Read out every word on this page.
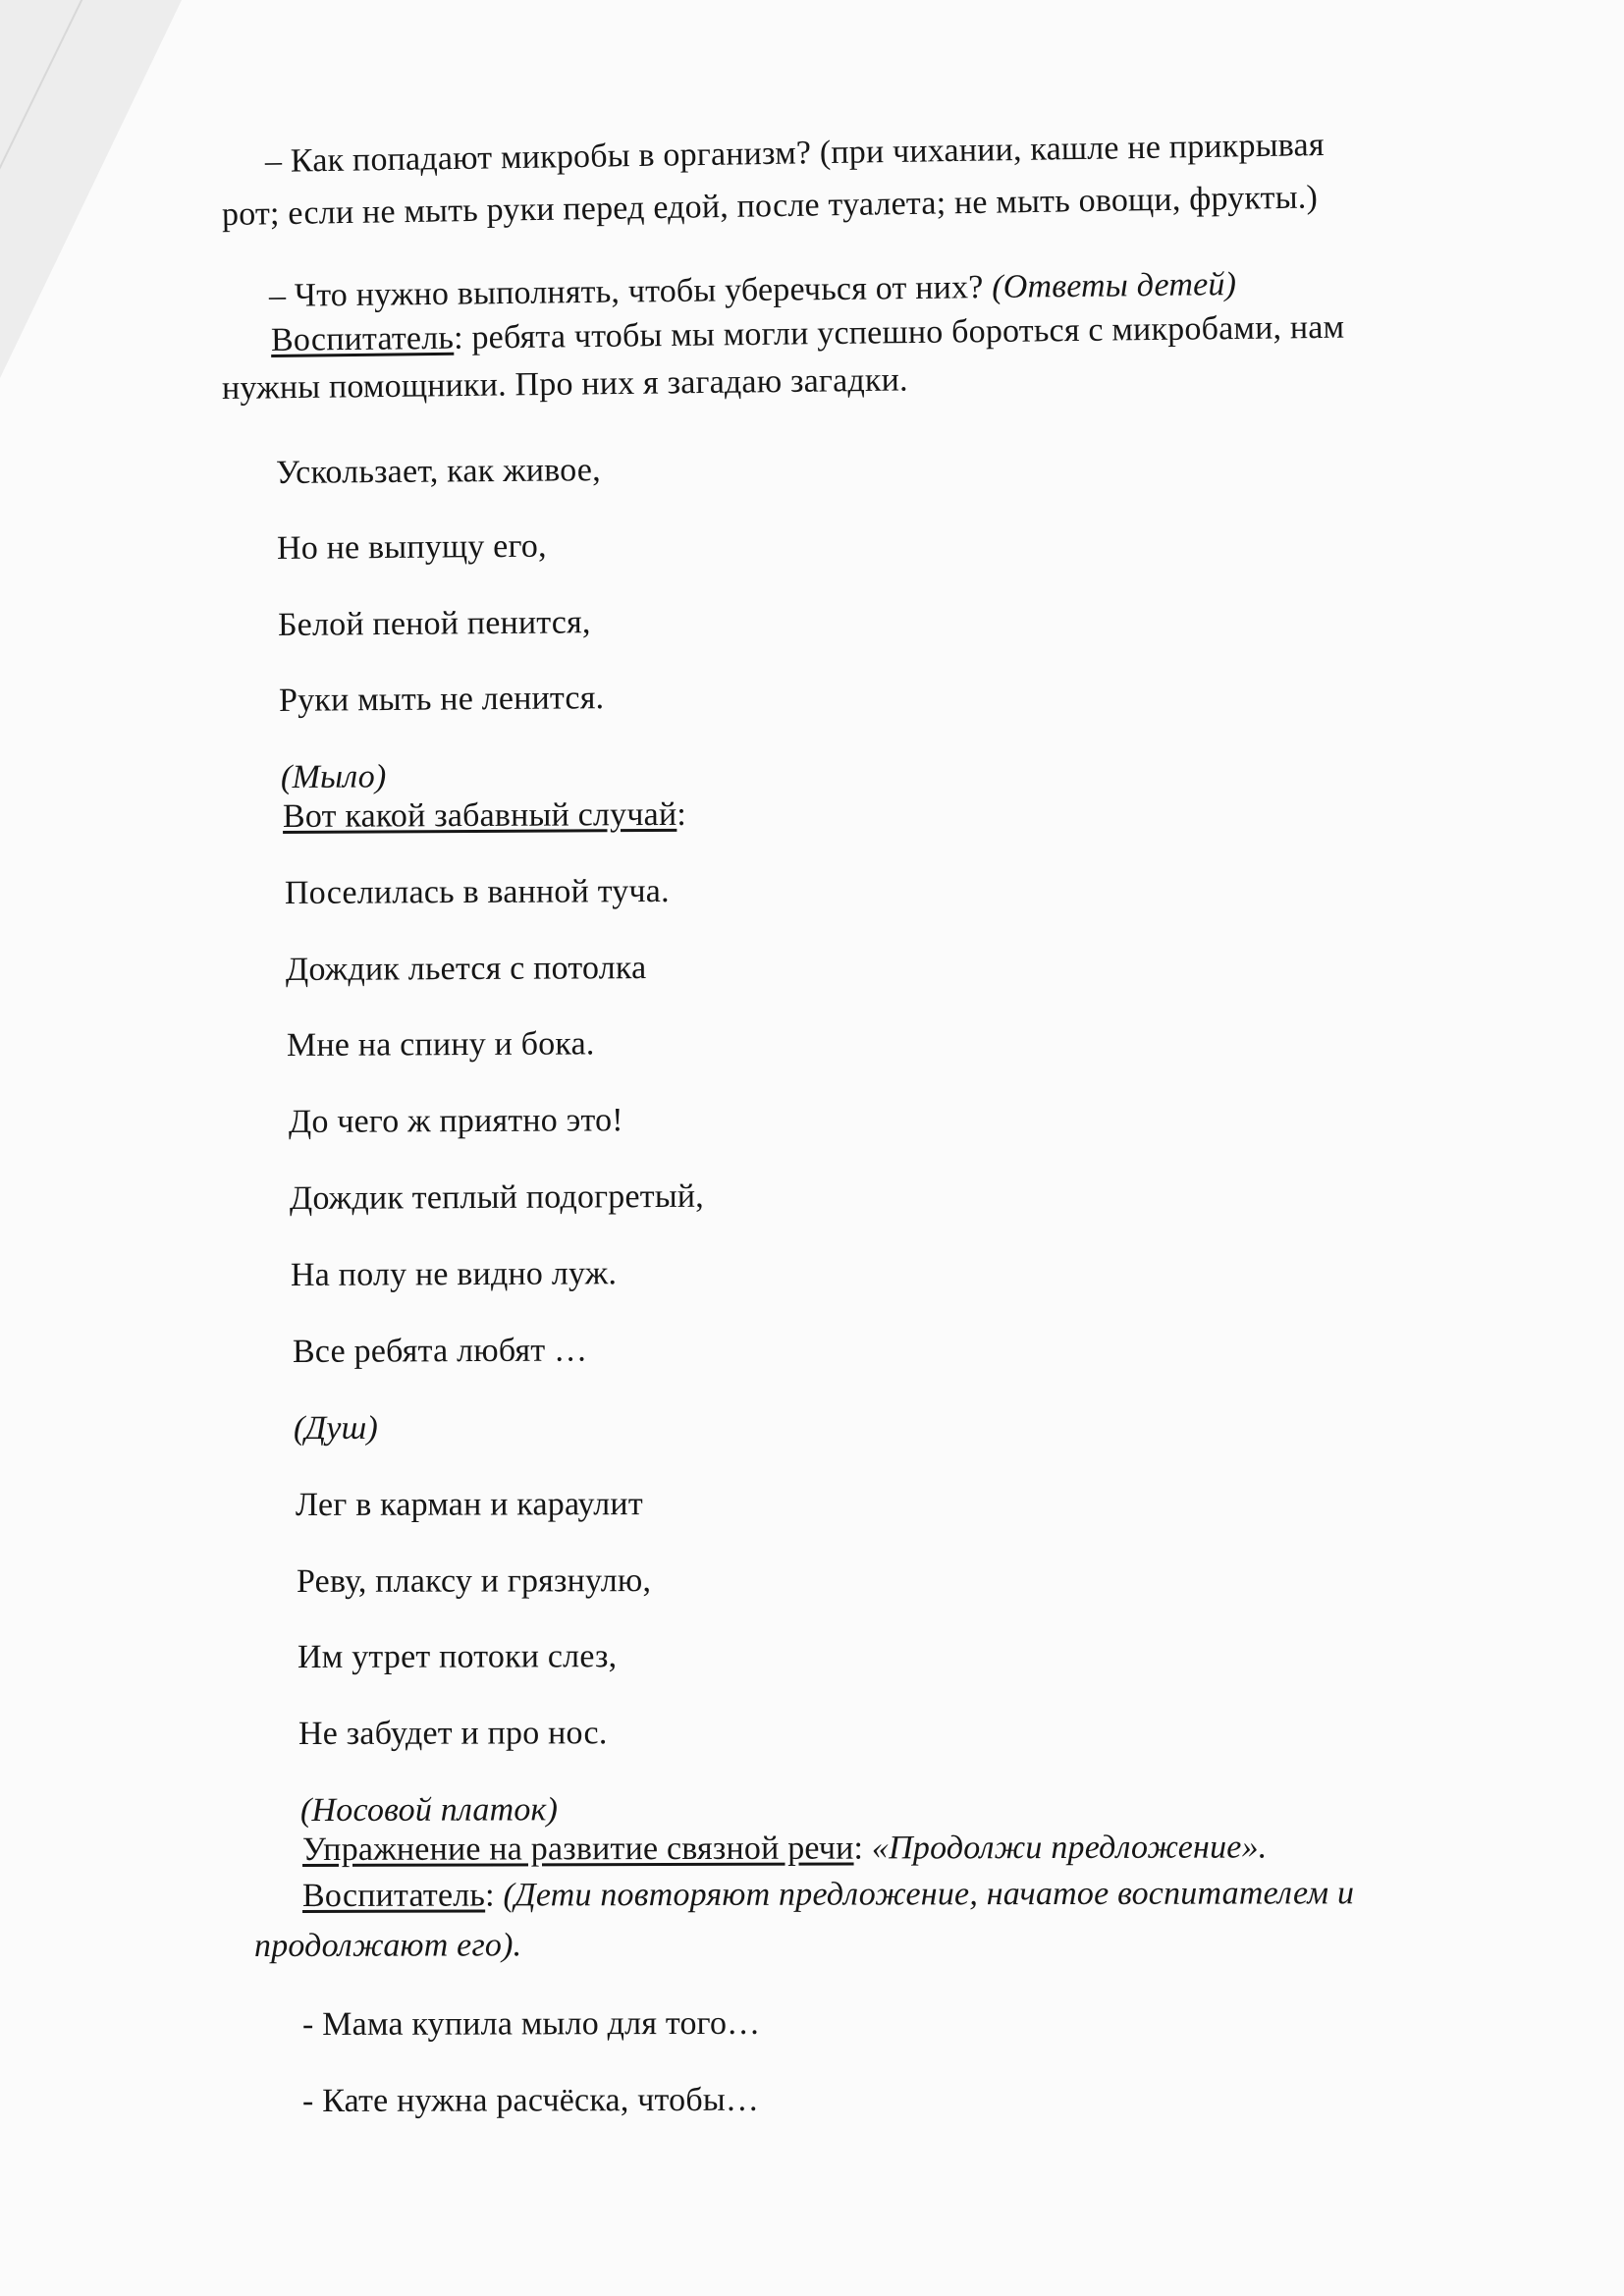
– Как попадают микробы в организм? (при чихании, кашле не прикрывая
рот; если не мыть руки перед едой, после туалета; не мыть овощи, фрукты.)
– Что нужно выполнять, чтобы уберечься от них? (Ответы детей)
Воспитатель: ребята чтобы мы могли успешно бороться с микробами, нам
нужны помощники. Про них я загадаю загадки.
Ускользает, как живое,
Но не выпущу его,
Белой пеной пенится,
Руки мыть не ленится.
(Мыло)
Вот какой забавный случай:
Поселилась в ванной туча.
Дождик льется с потолка
Мне на спину и бока.
До чего ж приятно это!
Дождик теплый подогретый,
На полу не видно луж.
Все ребята любят …
(Душ)
Лег в карман и караулит
Реву, плаксу и грязнулю,
Им утрет потоки слез,
Не забудет и про нос.
(Носовой платок)
Упражнение на развитие связной речи: «Продолжи предложение».
Воспитатель: (Дети повторяют предложение, начатое воспитателем и
продолжают его).
- Мама купила мыло для того…
- Кате нужна расчёска, чтобы…
